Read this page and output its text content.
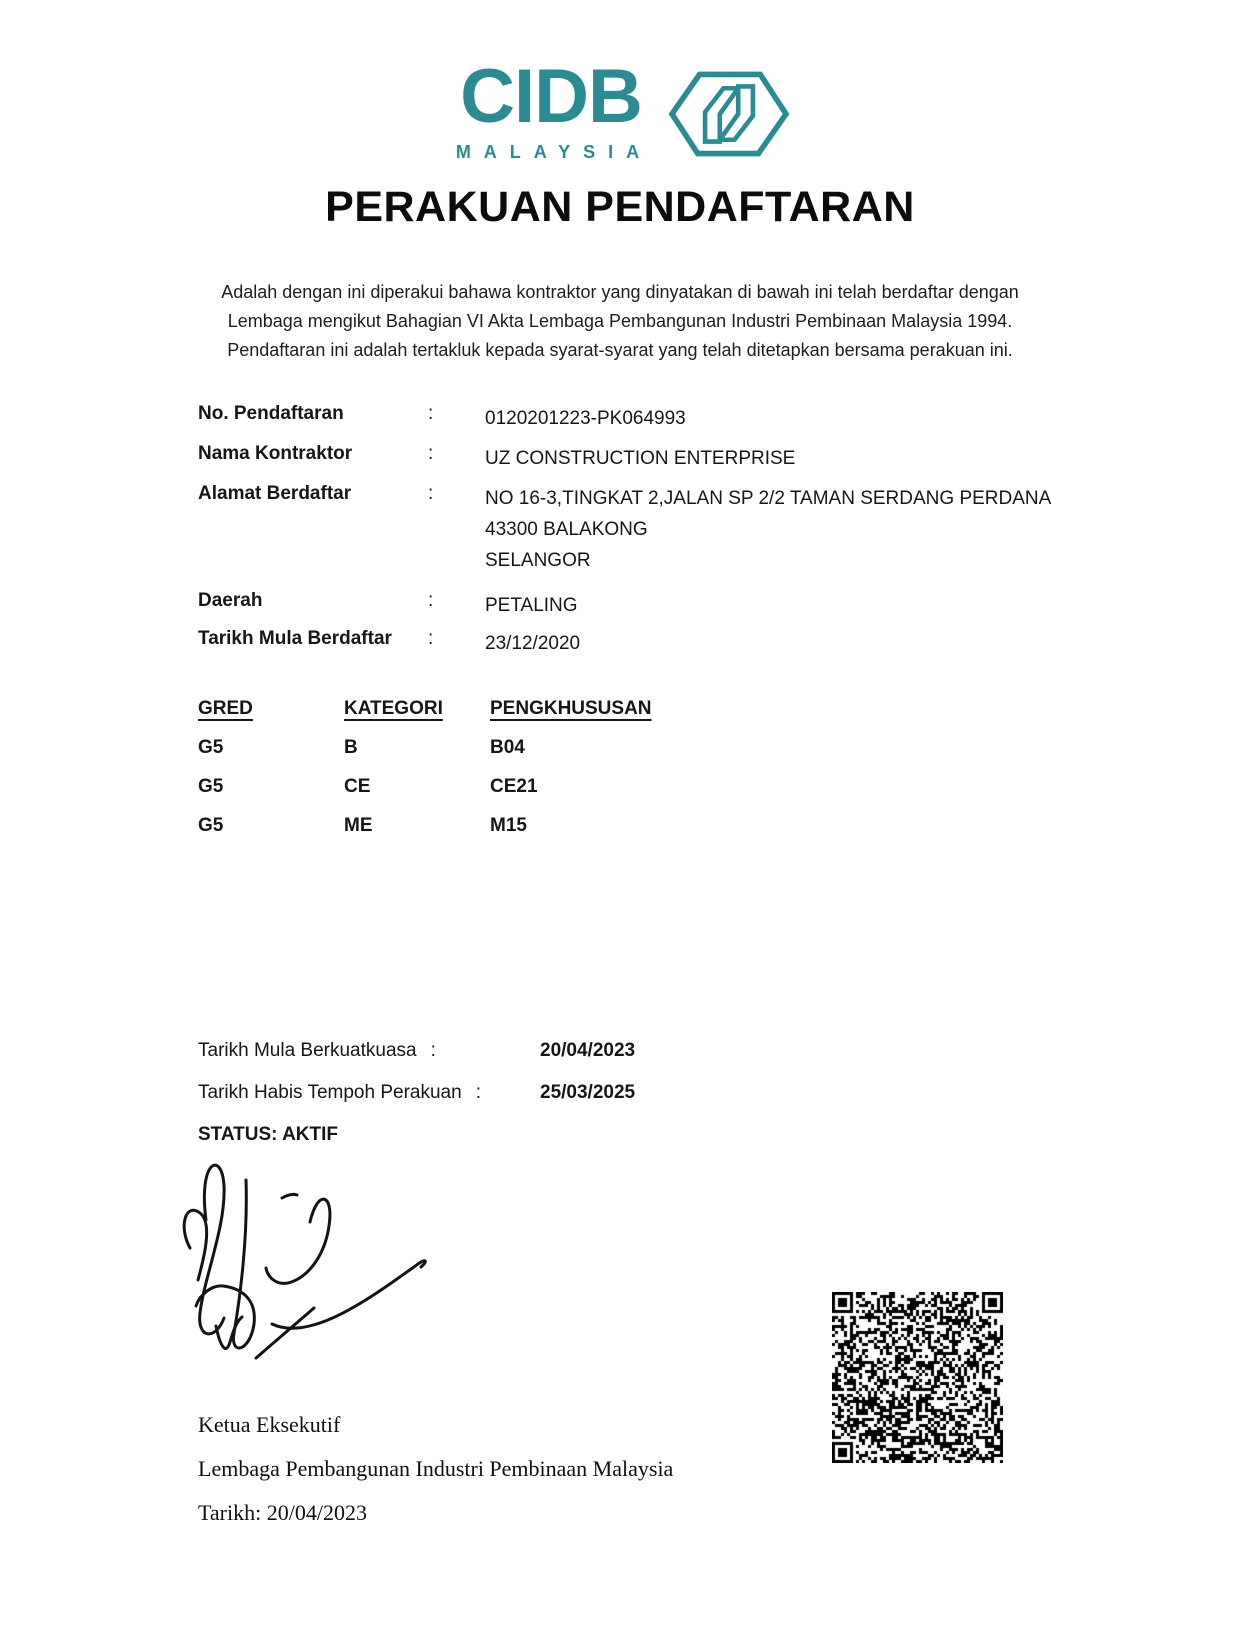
CIDB
MALAYSIA
PERAKUAN PENDAFTARAN
Adalah dengan ini diperakui bahawa kontraktor yang dinyatakan di bawah ini telah berdaftar dengan
Lembaga mengikut Bahagian VI Akta Lembaga Pembangunan Industri Pembinaan Malaysia 1994.
Pendaftaran ini adalah tertakluk kepada syarat-syarat yang telah ditetapkan bersama perakuan ini.
No. Pendaftaran	:	0120201223-PK064993
Nama Kontraktor	:	UZ CONSTRUCTION ENTERPRISE
Alamat Berdaftar	:	NO 16-3,TINGKAT 2,JALAN SP 2/2 TAMAN SERDANG PERDANA
43300 BALAKONG
SELANGOR
Daerah	:	PETALING
Tarikh Mula Berdaftar :	23/12/2020
GRED	KATEGORI	PENGKHUSUSAN
G5	B	B04
G5	CE	CE21
G5	ME	M15
Tarikh Mula Berkuatkuasa :	20/04/2023
Tarikh Habis Tempoh Perakuan :	25/03/2025
STATUS: AKTIF
Ketua Eksekutif
Lembaga Pembangunan Industri Pembinaan Malaysia
Tarikh: 20/04/2023
